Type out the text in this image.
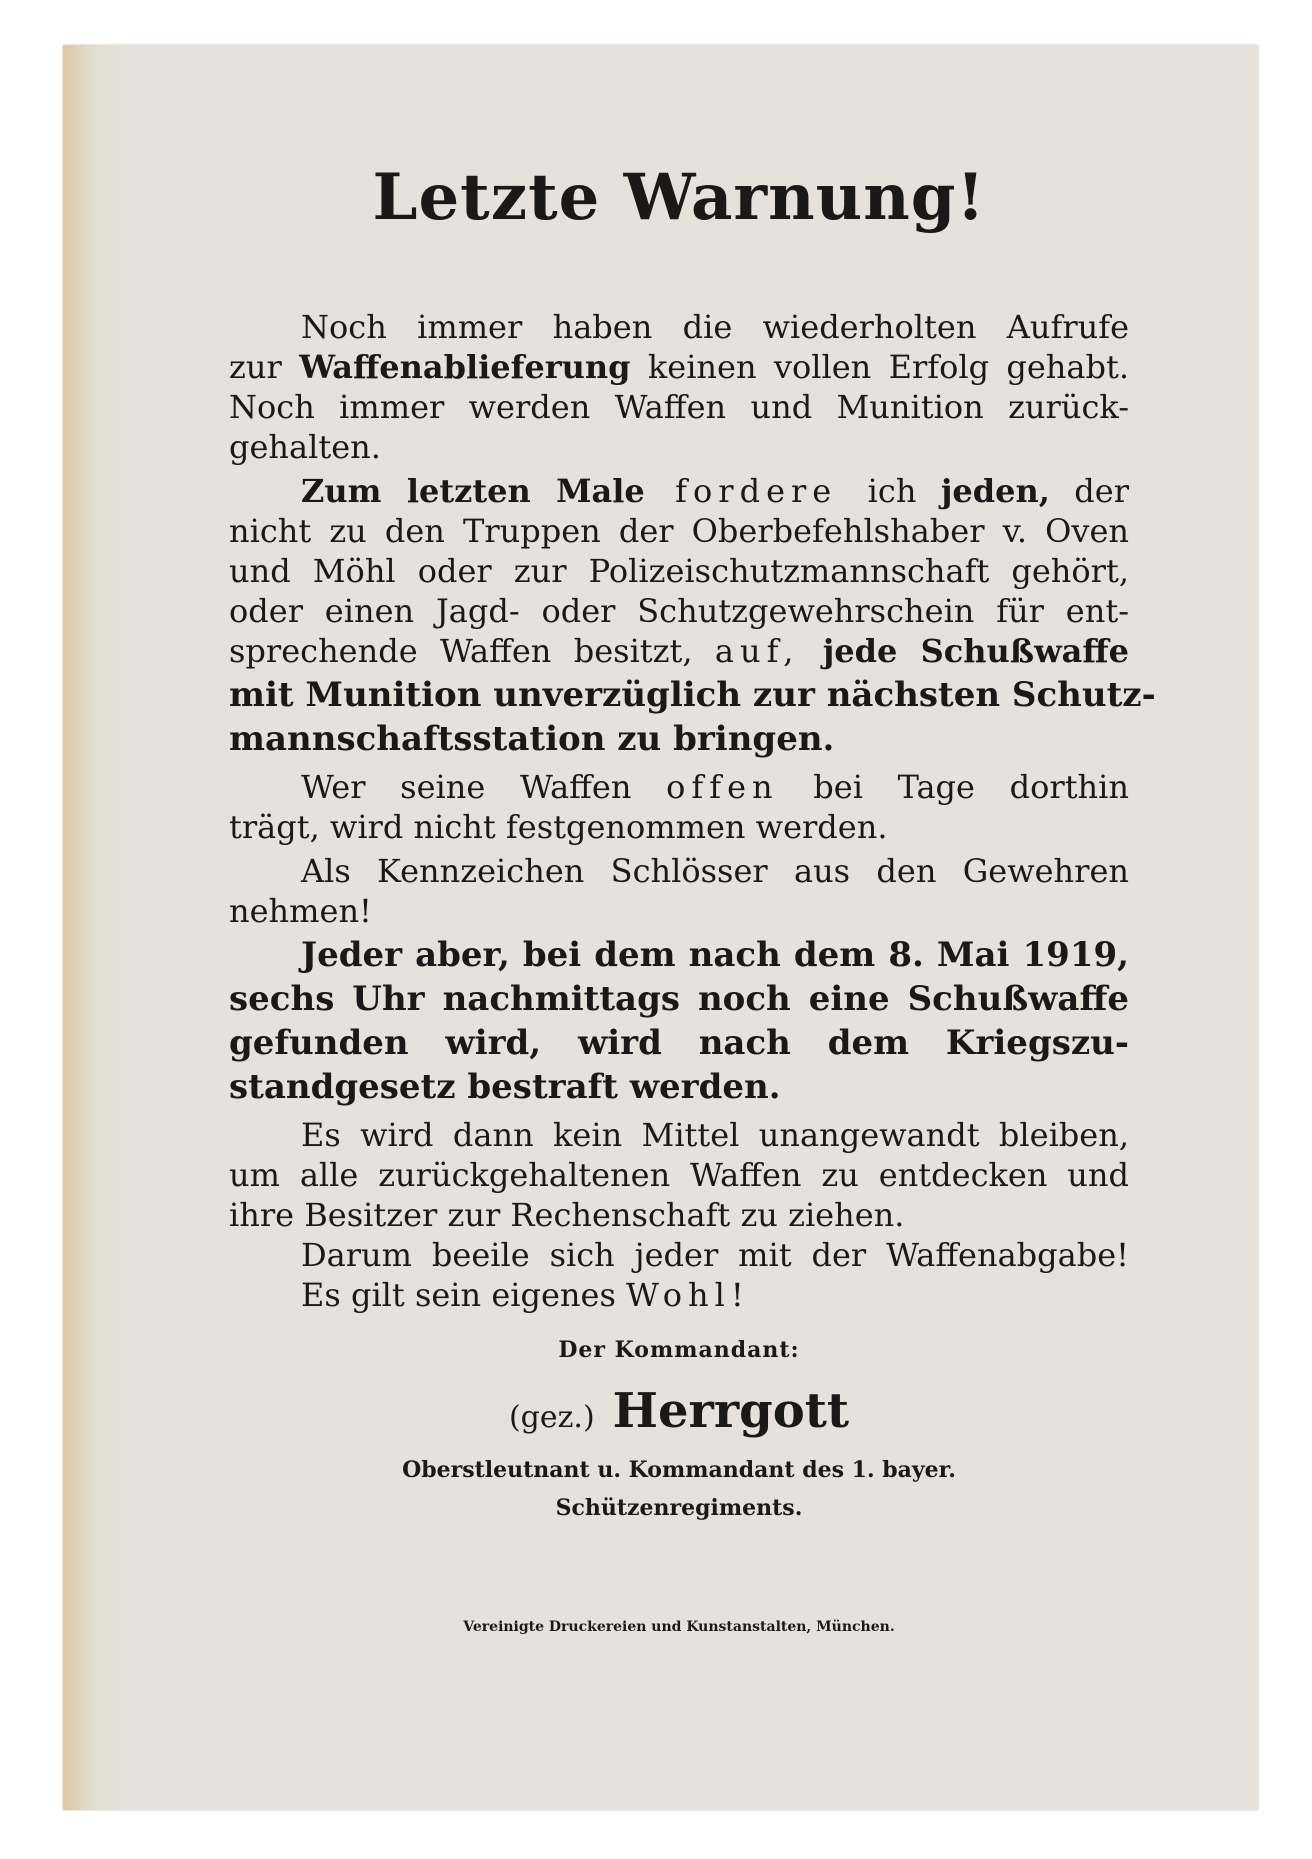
Letzte Warnung!
Noch immer haben die wiederholten Aufrufe
zur Waffenablieferung keinen vollen Erfolg gehabt.
Noch immer werden Waffen und Munition zurück-
gehalten.
Zum letzten Male fordere ich jeden, der
nicht zu den Truppen der Oberbefehlshaber v. Oven
und Möhl oder zur Polizeischutzmannschaft gehört,
oder einen Jagd- oder Schutzgewehrschein für ent-
sprechende Waffen besitzt, auf, jede Schußwaffe
mit Munition unverzüglich zur nächsten Schutz-
mannschaftsstation zu bringen.
Wer seine Waffen offen bei Tage dorthin
trägt, wird nicht festgenommen werden.
Als Kennzeichen Schlösser aus den Gewehren
nehmen!
Jeder aber, bei dem nach dem 8. Mai 1919,
sechs Uhr nachmittags noch eine Schußwaffe
gefunden wird, wird nach dem Kriegszu-
standgesetz bestraft werden.
Es wird dann kein Mittel unangewandt bleiben,
um alle zurückgehaltenen Waffen zu entdecken und
ihre Besitzer zur Rechenschaft zu ziehen.
Darum beeile sich jeder mit der Waffenabgabe!
Es gilt sein eigenes Wohl!
Der Kommandant:
(gez.) Herrgott
Oberstleutnant u. Kommandant des 1. bayer.
Schützenregiments.
Vereinigte Druckereien und Kunstanstalten, München.
